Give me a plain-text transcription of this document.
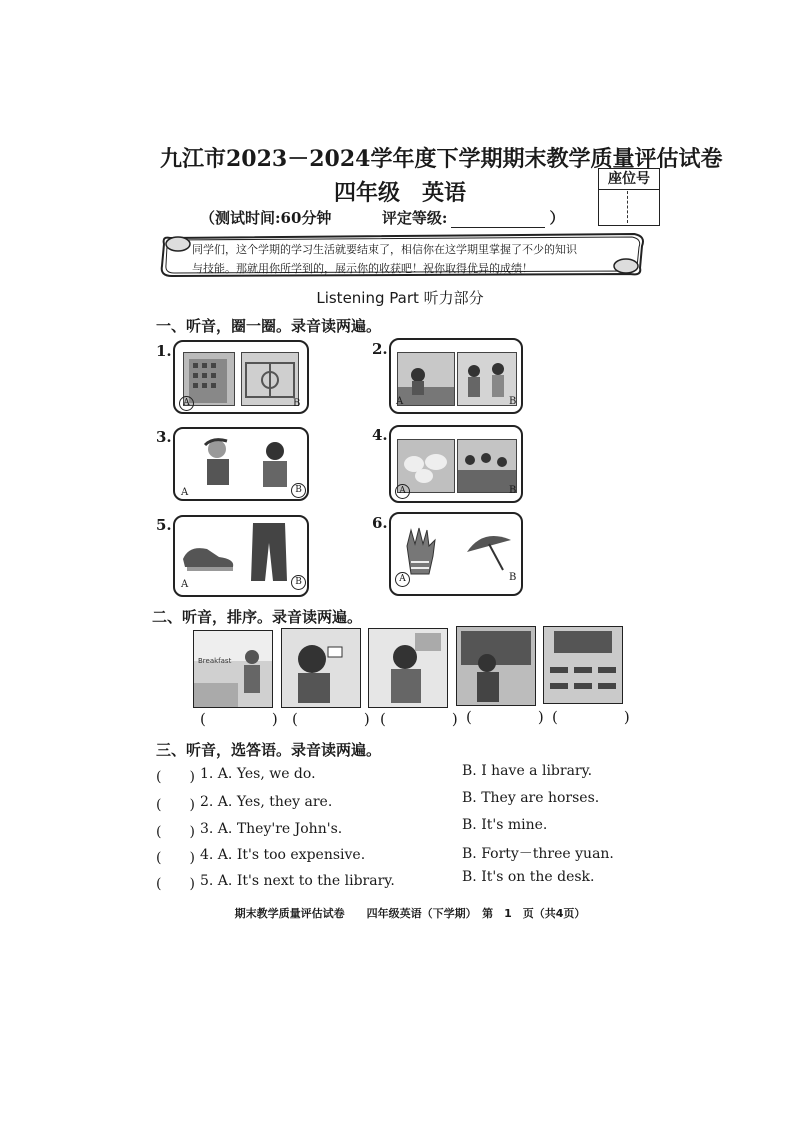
九江市2023－2024学年度下学期期末教学质量评估试卷
四年级　英语
座位号
（测试时间:60分钟	评定等级:	）
同学们，这个学期的学习生活就要结束了，相信你在这学期里掌握了不少的知识
与技能。那就用你所学到的，展示你的收获吧！祝你取得优异的成绩！
Listening Part 听力部分
一、听音，圈一圈。录音读两遍。
1.
A	B
2.
A	B
3.
A	B
4.
A	B
5.
A	B
6.
A	B
二、听音，排序。录音读两遍。
Breakfast
(　　) (　　)
(　　)
(　　)
(　　)
三、听音，选答语。录音读两遍。
(　　) 1. A. Yes, we do.	B. I have a library.
(　　) 2. A. Yes, they are.	B. They are horses.
(　　) 3. A. They're John's.	B. It's mine.
(　　) 4. A. It's too expensive.	B. Forty－three yuan.
(　　) 5. A. It's next to the library.	B. It's on the desk.
期末教学质量评估试卷　　四年级英语（下学期）　第　1　页（共4页）
